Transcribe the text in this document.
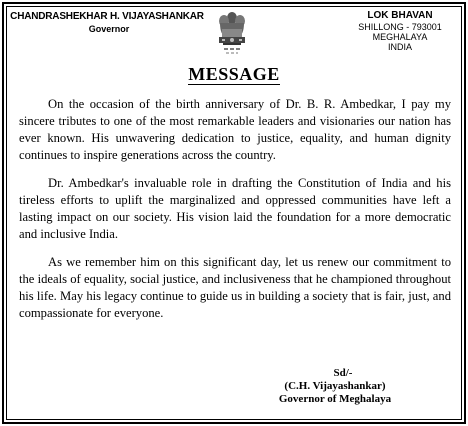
CHANDRASHEKHAR H. VIJAYASHANKAR
Governor
LOK BHAVAN
SHILLONG - 793001
MEGHALAYA
INDIA
MESSAGE

On the occasion of the birth anniversary of Dr. B. R. Ambedkar, I pay my sincere tributes to one of the most remarkable leaders and visionaries our nation has ever known. His unwavering dedication to justice, equality, and human dignity continues to inspire generations across the country.

Dr. Ambedkar's invaluable role in drafting the Constitution of India and his tireless efforts to uplift the marginalized and oppressed communities have left a lasting impact on our society. His vision laid the foundation for a more democratic and inclusive India.

As we remember him on this significant day, let us renew our commitment to the ideals of equality, social justice, and inclusiveness that he championed throughout his life. May his legacy continue to guide us in building a society that is fair, just, and compassionate for everyone.

Sd/-
(C.H. Vijayashankar)
Governor of Meghalaya
